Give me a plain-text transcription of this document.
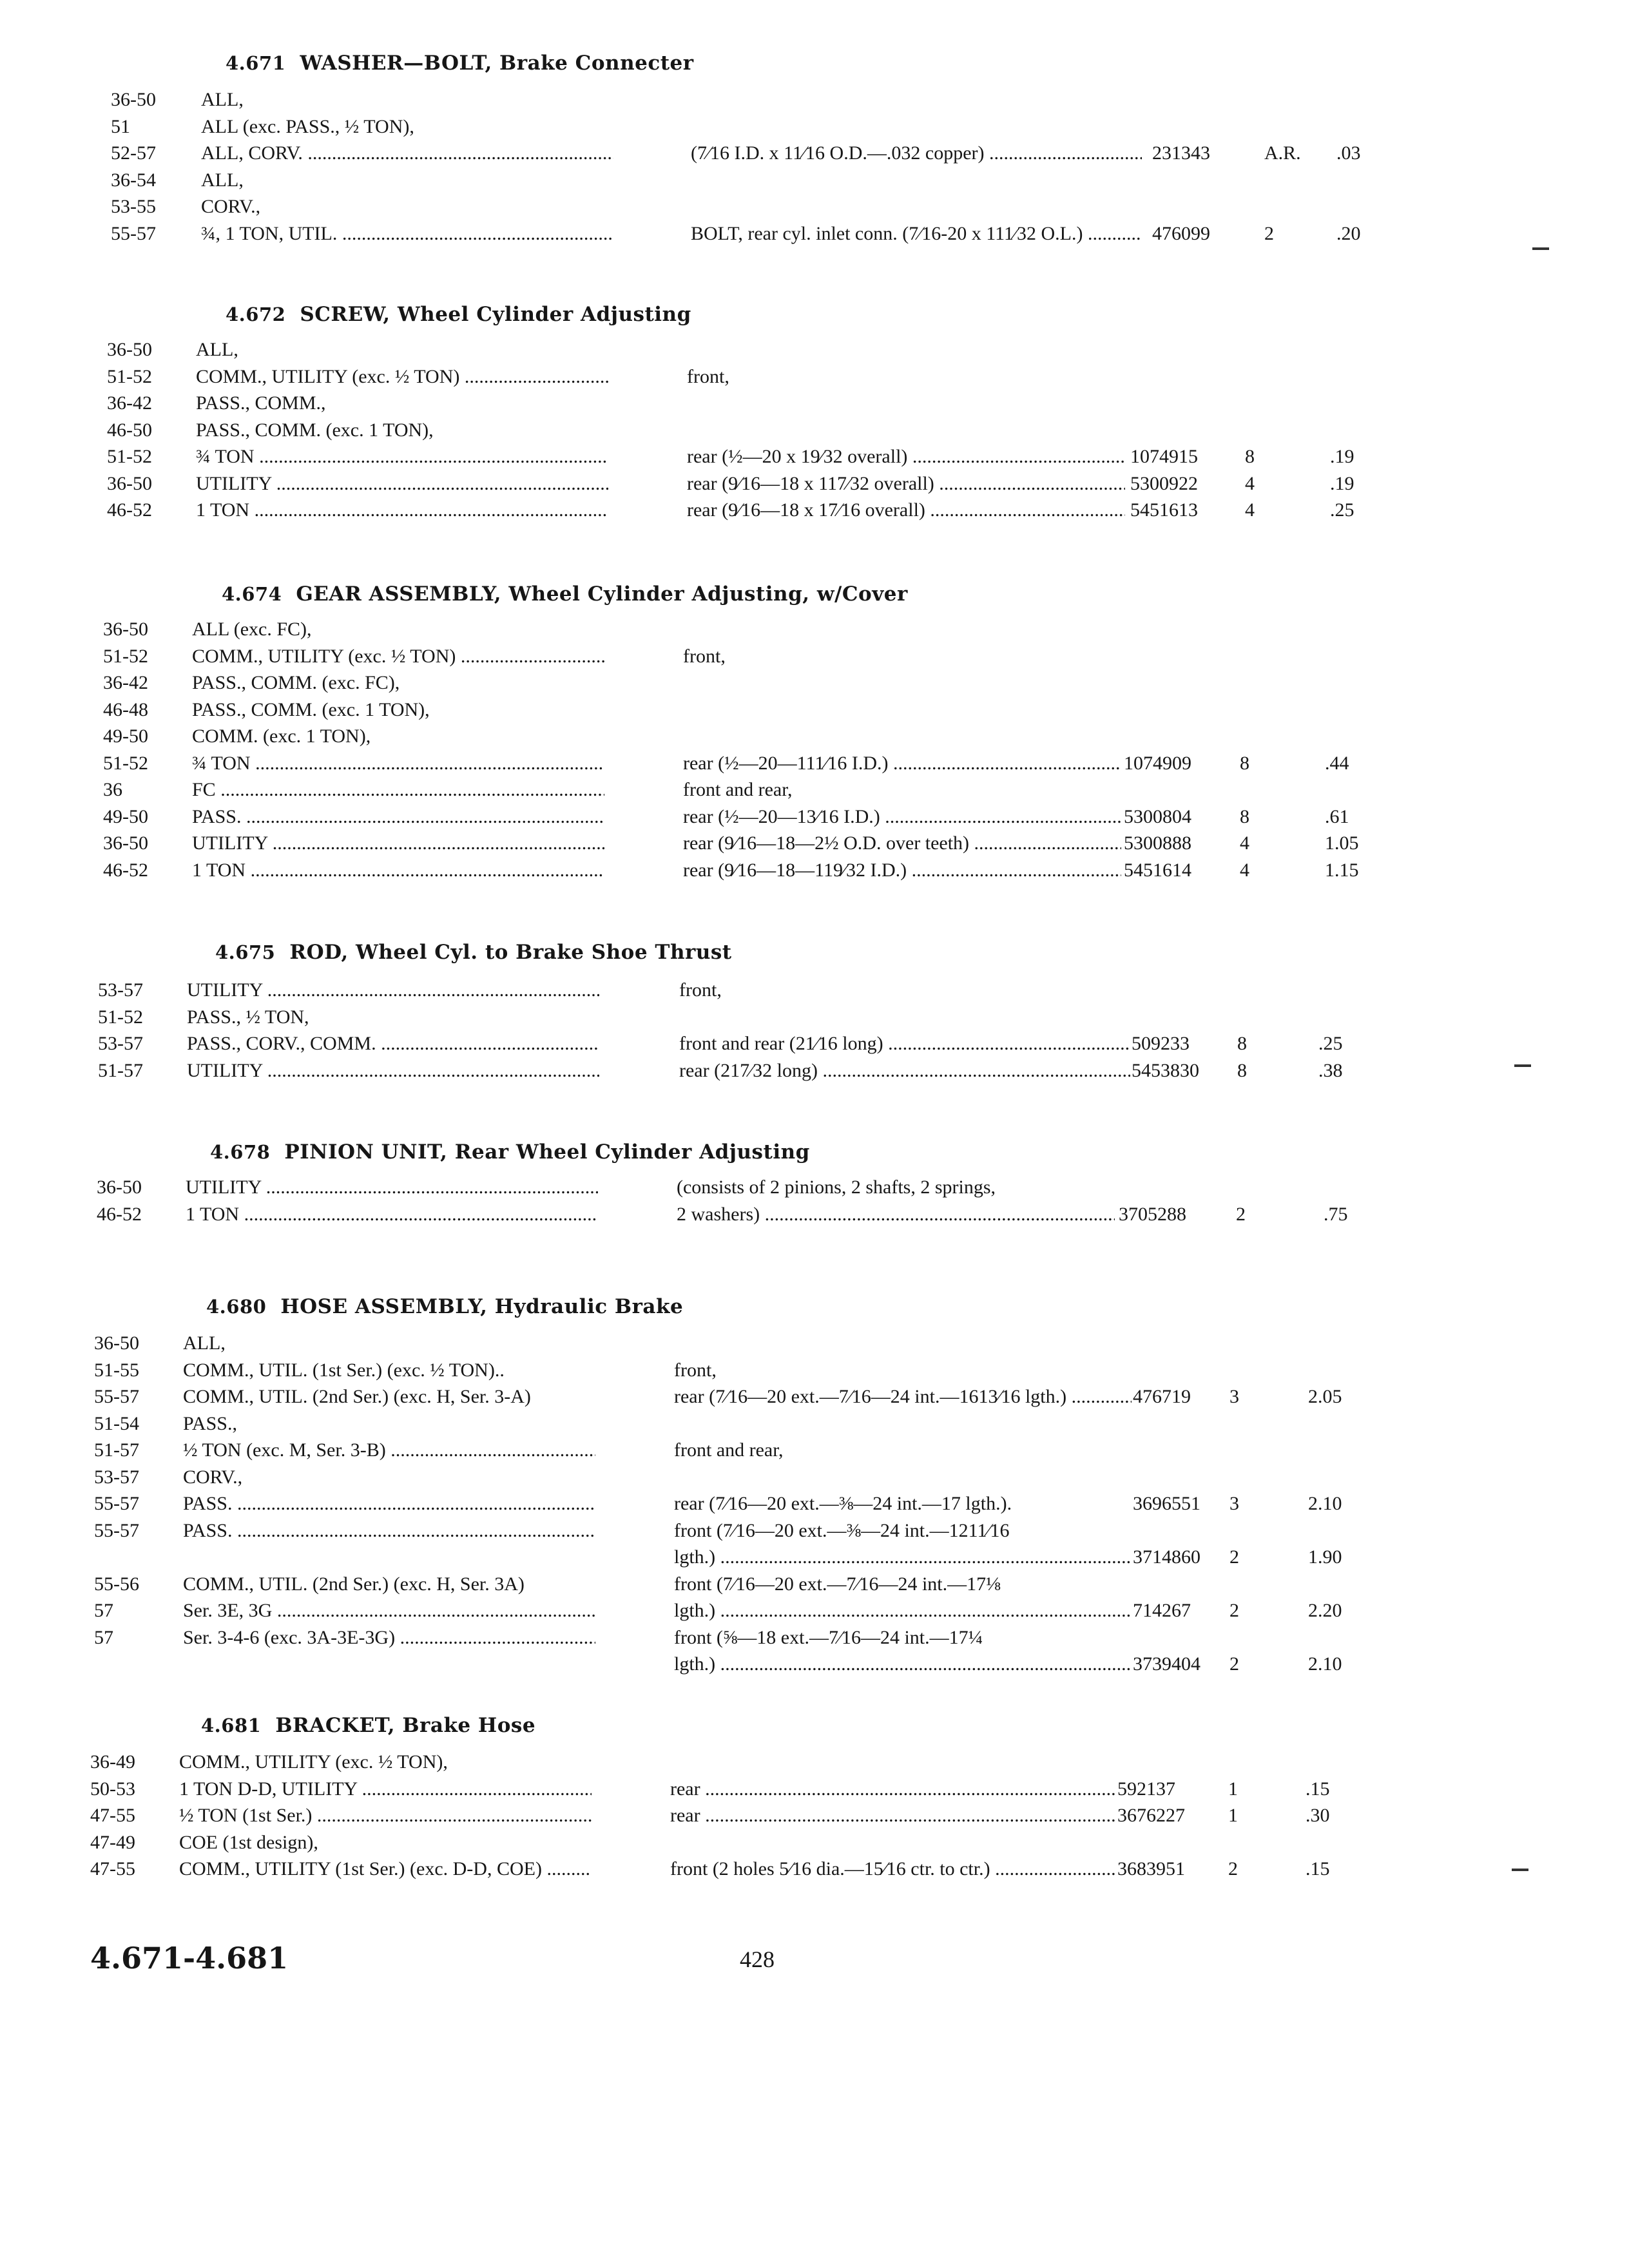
4.671 WASHER—BOLT, Brake Connecter
36-50 ALL,
51	ALL (exc. PASS., ½ TON),
52-57 ALL, CORV. .....	(7⁄16 I.D. x 11⁄16 O.D.—.032 copper) .....	231343	A.R. .03
36-54 ALL,
53-55 CORV.,
55-57 ¾, 1 TON, UTIL. .....	BOLT, rear cyl. inlet conn. (7⁄16-20 x 111⁄32 O.L.) .....	476099	2	.20
4.672 SCREW, Wheel Cylinder Adjusting
36-50 ALL,
51-52 COMM., UTILITY (exc. ½ TON) .....	front,
36-42 PASS., COMM.,
46-50 PASS., COMM. (exc. 1 TON),
51-52 ¾ TON .....	rear (½—20 x 19⁄32 overall) .....	1074915 8	.19
36-50 UTILITY .....	rear (9⁄16—18 x 117⁄32 overall) .....	5300922 4	.19
46-52 1 TON .....	rear (9⁄16—18 x 17⁄16 overall) .....	5451613 4	.25
4.674 GEAR ASSEMBLY, Wheel Cylinder Adjusting, w/Cover
36-50 ALL (exc. FC),
51-52 COMM., UTILITY (exc. ½ TON) .....	front,
36-42 PASS., COMM. (exc. FC),
46-48 PASS., COMM. (exc. 1 TON),
49-50 COMM. (exc. 1 TON),
51-52 ¾ TON .....	rear (½—20—111⁄16 I.D.) .....	1074909	8	.44
36	FC .....	front and rear,
49-50 PASS. .....	rear (½—20—13⁄16 I.D.) .....	5300804	8	.61
36-50 UTILITY .....	rear (9⁄16—18—2½ O.D. over teeth) .....	5300888	4	1.05
46-52 1 TON .....	rear (9⁄16—18—119⁄32 I.D.) .....	5451614	4	1.15
4.675 ROD, Wheel Cyl. to Brake Shoe Thrust
53-57 UTILITY .....	front,
51-52 PASS., ½ TON,
53-57 PASS., CORV., COMM. .....	front and rear (21⁄16 long) .....	509233 8	.25
51-57 UTILITY .....	rear (217⁄32 long) .....	5453830 8	.38
4.678 PINION UNIT, Rear Wheel Cylinder Adjusting
36-50 UTILITY .....	(consists of 2 pinions, 2 shafts, 2 springs,
46-52 1 TON .....	2 washers) .....	3705288	2	.75
4.680 HOSE ASSEMBLY, Hydraulic Brake
36-50 ALL,
51-55 COMM., UTIL. (1st Ser.) (exc. ½ TON)..	front,
55-57 COMM., UTIL. (2nd Ser.) (exc. H, Ser. 3-A)	rear (7⁄16—20 ext.—7⁄16—24 int.—1613⁄16 lgth.) .....	476719 3	2.05
51-54 PASS.,
51-57 ½ TON (exc. M, Ser. 3-B) .....	front and rear,
53-57 CORV.,
55-57 PASS. .....	rear (7⁄16—20 ext.—⅜—24 int.—17 lgth.).	3696551 3	2.10
55-57 PASS. .....	front (7⁄16—20 ext.—⅜—24 int.—1211⁄16
lgth.) .....	3714860 2	1.90
55-56 COMM., UTIL. (2nd Ser.) (exc. H, Ser. 3A)	front (7⁄16—20 ext.—7⁄16—24 int.—17⅛
57	Ser. 3E, 3G .....	lgth.) .....	714267 2	2.20
57	Ser. 3-4-6 (exc. 3A-3E-3G) .....	front (⅝—18 ext.—7⁄16—24 int.—17¼
lgth.) .....	3739404 2	2.10
4.681 BRACKET, Brake Hose
36-49 COMM., UTILITY (exc. ½ TON),
50-53 1 TON D-D, UTILITY .....	rear .....	592137	1	.15
47-55 ½ TON (1st Ser.) .....	rear .....	3676227 1	.30
47-49 COE (1st design),
47-55 COMM., UTILITY (1st Ser.) (exc. D-D, COE) .....	front (2 holes 5⁄16 dia.—15⁄16 ctr. to ctr.) .....	3683951 2	.15
4.671-4.681	428
